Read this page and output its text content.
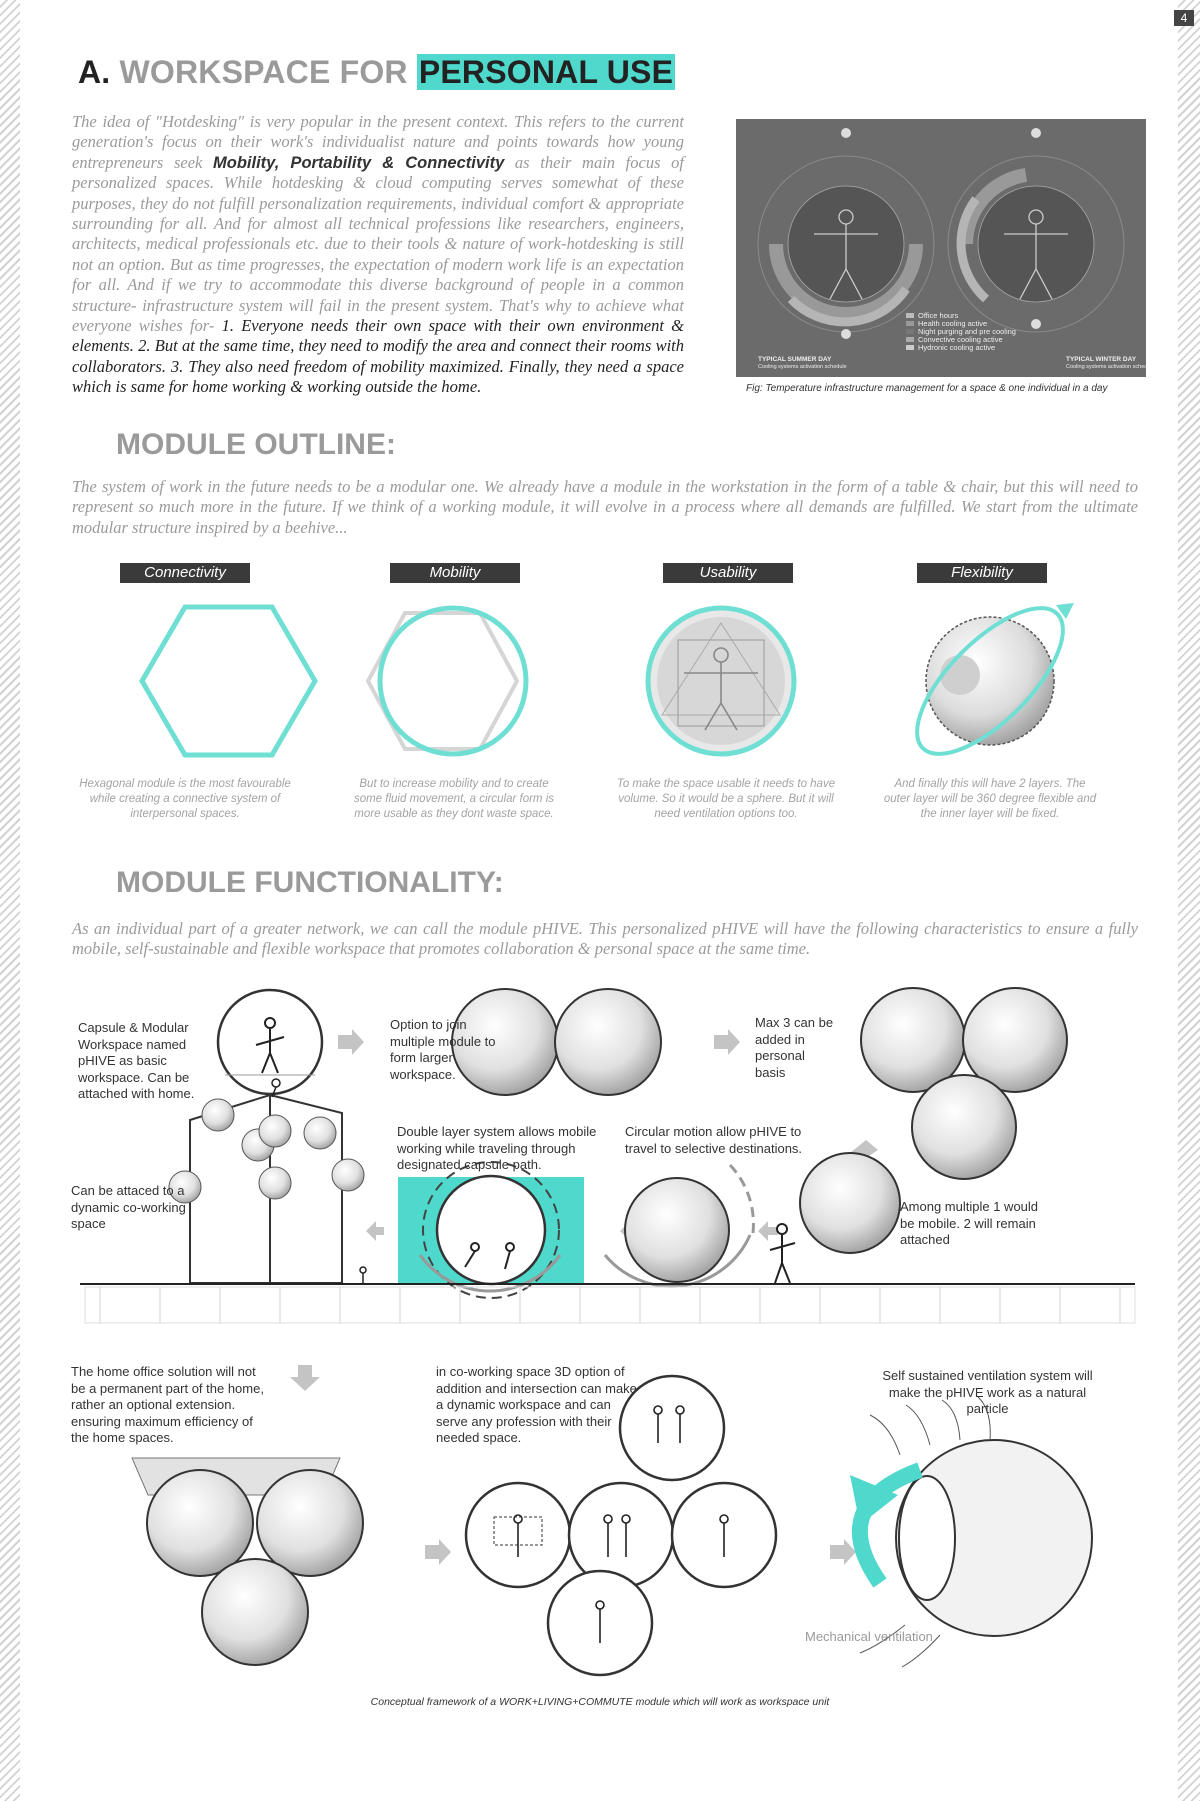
4
A. WORKSPACE FOR PERSONAL USE
The idea of "Hotdesking" is very popular in the present context. This refers to the current generation's focus on their work's individualist nature and points towards how young entrepreneurs seek Mobility, Portability & Connectivity as their main focus of personalized spaces. While hotdesking & cloud computing serves somewhat of these purposes, they do not fulfill personalization requirements, individual comfort & appropriate surrounding for all. And for almost all technical professions like researchers, engineers, architects, medical professionals etc. due to their tools & nature of work-hotdesking is still not an option. But as time progresses, the expectation of modern work life is an expectation for all. And if we try to accommodate this diverse background of people in a common structure- infrastructure system will fail in the present system. That's why to achieve what everyone wishes for- 1. Everyone needs their own space with their own environment & elements. 2. But at the same time, they need to modify the area and connect their rooms with collaborators. 3. They also need freedom of mobility maximized. Finally, they need a space which is same for home working & working outside the home.
Office hours
Health cooling active
Night purging and pre cooling
Convective cooling active
Hydronic cooling active
TYPICAL SUMMER DAY
Cooling systems activation schedule
TYPICAL WINTER DAY
Cooling systems activation schedule
Fig: Temperature infrastructure management for a space & one individual in a day
MODULE OUTLINE:
The system of work in the future needs to be a modular one. We already have a module in the workstation in the form of a table & chair, but this will need to represent so much more in the future. If we think of a working module, it will evolve in a process where all demands are fulfilled. We start from the ultimate modular structure inspired by a beehive...
Connectivity	Mobility	Usability	Flexibility
Hexagonal module is the most favourable while creating a connective system of interpersonal spaces.
But to increase mobility and to create some fluid movement, a circular form is more usable as they dont waste space.
To make the space usable it needs to have volume. So it would be a sphere. But it will need ventilation options too.
And finally this will have 2 layers. The outer layer will be 360 degree flexible and the inner layer will be fixed.
MODULE FUNCTIONALITY:
As an individual part of a greater network, we can call the module pHIVE. This personalized pHIVE will have the following characteristics to ensure a fully mobile, self-sustainable and flexible workspace that promotes collaboration & personal space at the same time.
Capsule & Modular Workspace named pHIVE as basic workspace. Can be attached with home.
Option to join multiple module to form larger workspace.
Max 3 can be added in personal basis
Double layer system allows mobile working while traveling through designated capsule path.
Circular motion allow pHIVE to travel to selective destinations.
Can be attaced to a dynamic co-working space
Among multiple 1 would be mobile. 2 will remain attached
The home office solution will not be a permanent part of the home, rather an optional extension. ensuring maximum efficiency of the home spaces.
in co-working space 3D option of addition and intersection can make a dynamic workspace and can serve any profession with their needed space.
Self sustained ventilation system will make the pHIVE work as a natural particle
Mechanical ventilation
Conceptual framework of a WORK+LIVING+COMMUTE module which will work as workspace unit
